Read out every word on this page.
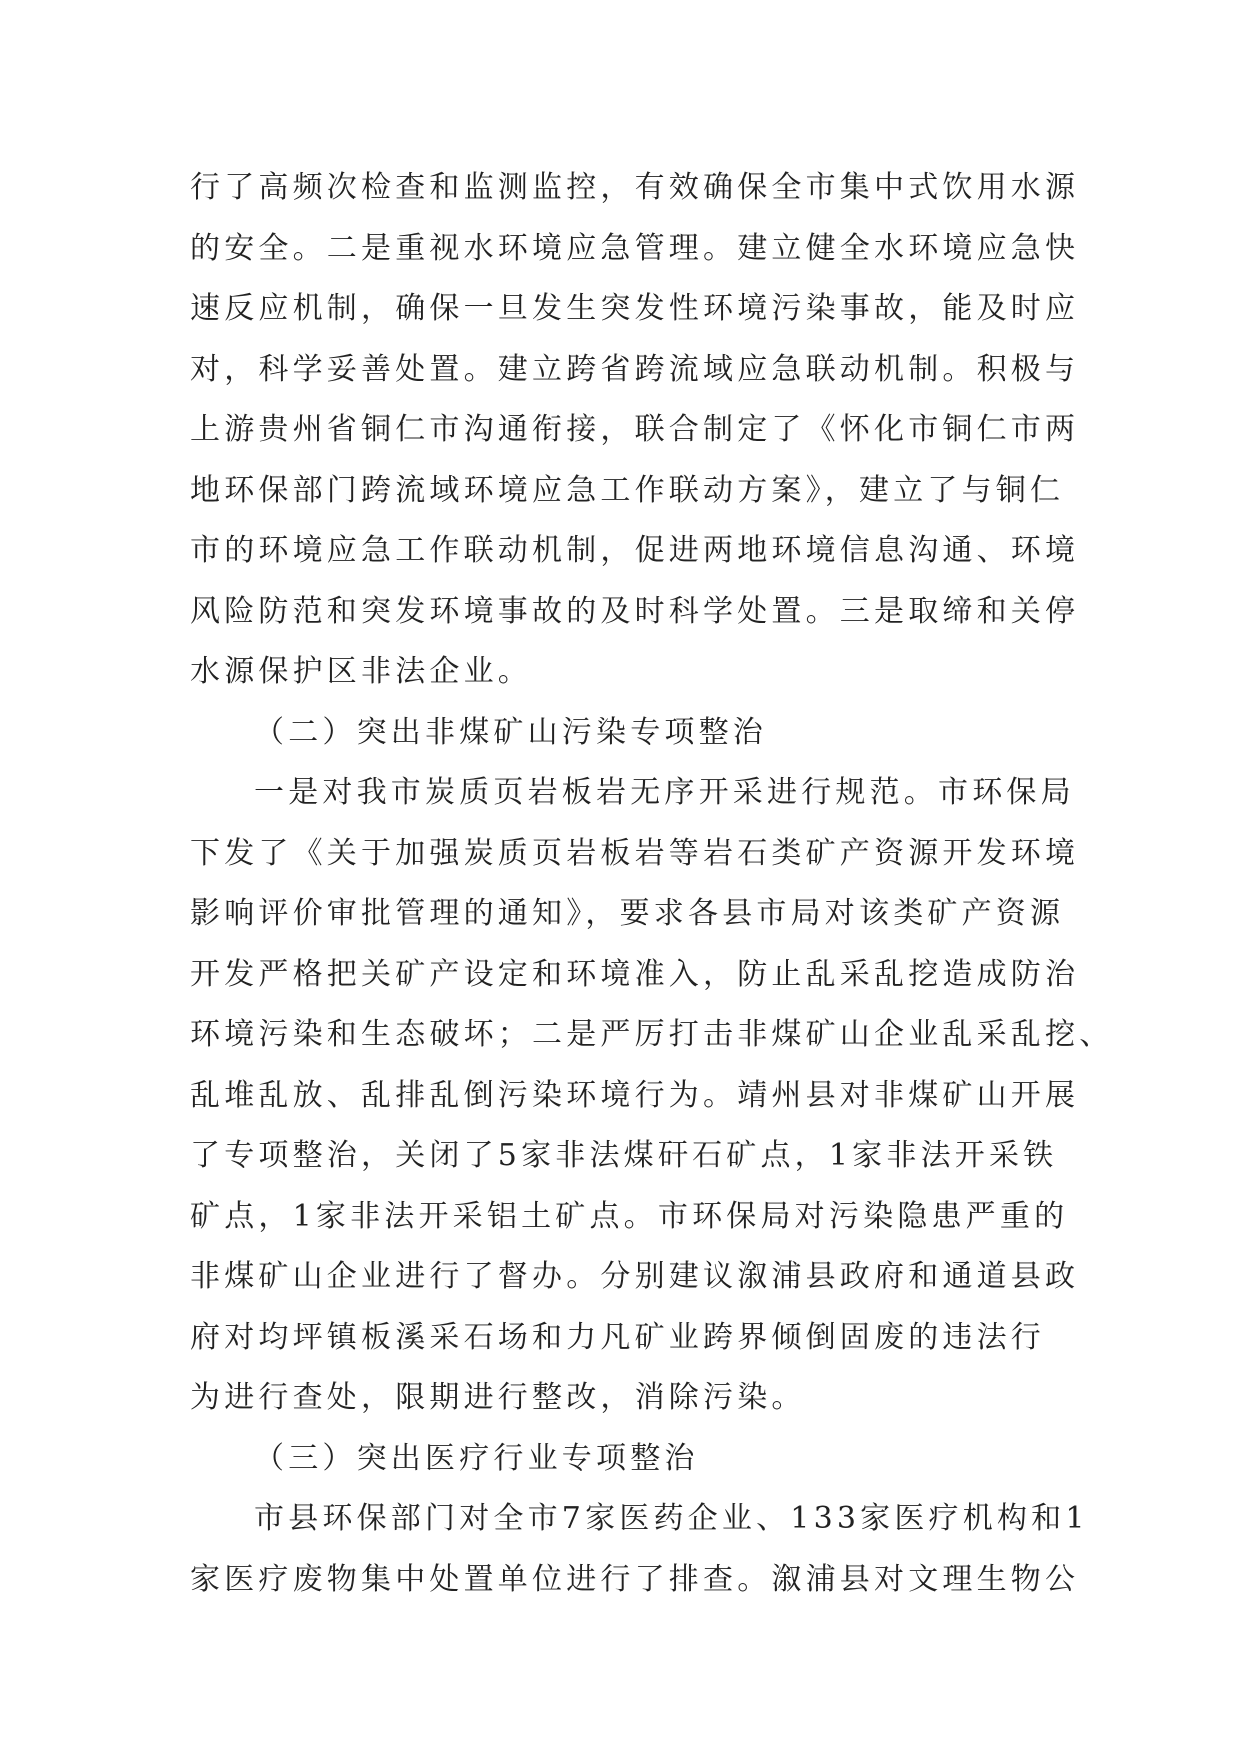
行了高频次检查和监测监控，有效确保全市集中式饮用水源
的安全。二是重视水环境应急管理。建立健全水环境应急快
速反应机制，确保一旦发生突发性环境污染事故，能及时应
对，科学妥善处置。建立跨省跨流域应急联动机制。积极与
上游贵州省铜仁市沟通衔接，联合制定了《怀化市铜仁市两
地环保部门跨流域环境应急工作联动方案》，建立了与铜仁
市的环境应急工作联动机制，促进两地环境信息沟通、环境
风险防范和突发环境事故的及时科学处置。三是取缔和关停
水源保护区非法企业。
（二）突出非煤矿山污染专项整治
一是对我市炭质页岩板岩无序开采进行规范。市环保局
下发了《关于加强炭质页岩板岩等岩石类矿产资源开发环境
影响评价审批管理的通知》，要求各县市局对该类矿产资源
开发严格把关矿产设定和环境准入，防止乱采乱挖造成防治
环境污染和生态破坏；二是严厉打击非煤矿山企业乱采乱挖、
乱堆乱放、乱排乱倒污染环境行为。靖州县对非煤矿山开展
了专项整治，关闭了5家非法煤矸石矿点，1家非法开采铁
矿点，1家非法开采铝土矿点。市环保局对污染隐患严重的
非煤矿山企业进行了督办。分别建议溆浦县政府和通道县政
府对均坪镇板溪采石场和力凡矿业跨界倾倒固废的违法行
为进行查处，限期进行整改，消除污染。
（三）突出医疗行业专项整治
市县环保部门对全市7家医药企业、133家医疗机构和1
家医疗废物集中处置单位进行了排查。溆浦县对文理生物公
